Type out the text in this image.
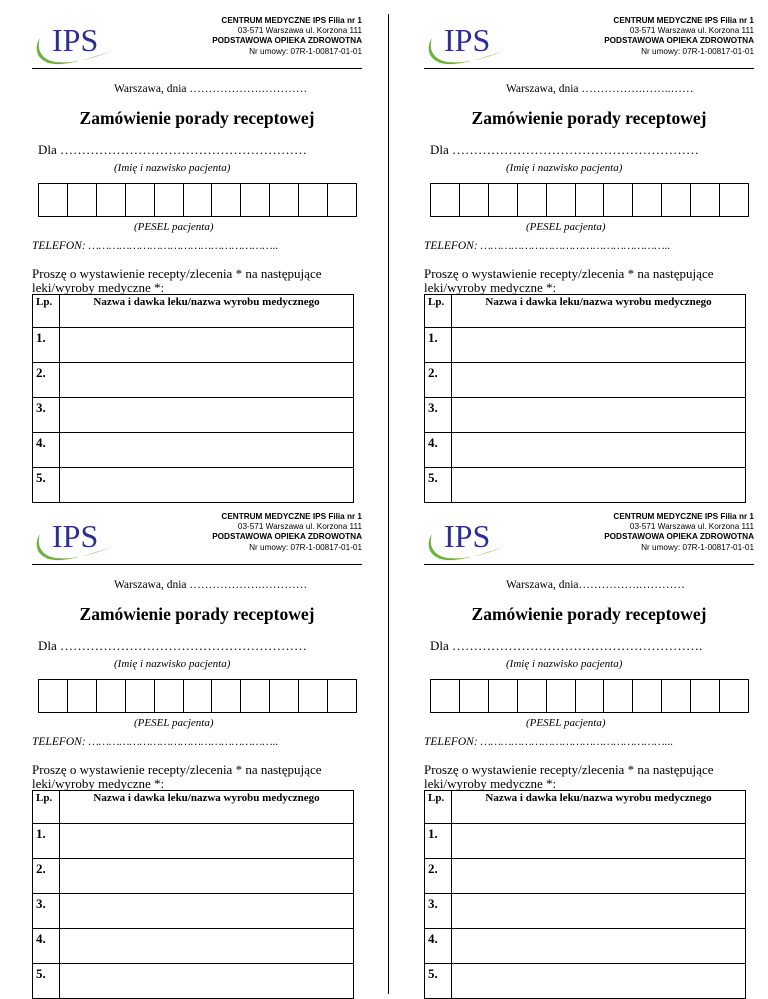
IPS
CENTRUM MEDYCZNE IPS Filia nr 1
03-571 Warszawa ul. Korzona 111
PODSTAWOWA OPIEKA ZDROWOTNA
Nr umowy: 07R-1-00817-01-01
Warszawa, dnia ……………….…………
Zamówienie porady receptowej
Dla …………………………………………………
(Imię i nazwisko pacjenta)
(PESEL pacjenta)
TELEFON: ………………………………………………..
Proszę o wystawienie recepty/zlecenia * na następujące leki/wyroby medyczne *:
Lp.	Nazwa i dawka leku/nazwa wyrobu medycznego
1.	
2.	
3.	
4.	
5.	
IPS
CENTRUM MEDYCZNE IPS Filia nr 1
03-571 Warszawa ul. Korzona 111
PODSTAWOWA OPIEKA ZDROWOTNA
Nr umowy: 07R-1-00817-01-01
Warszawa, dnia …………….……..……
Zamówienie porady receptowej
Dla …………………………………………………
(Imię i nazwisko pacjenta)
(PESEL pacjenta)
TELEFON: ………………………………………………..
Proszę o wystawienie recepty/zlecenia * na następujące leki/wyroby medyczne *:
Lp.	Nazwa i dawka leku/nazwa wyrobu medycznego
1.	
2.	
3.	
4.	
5.	
IPS
CENTRUM MEDYCZNE IPS Filia nr 1
03-571 Warszawa ul. Korzona 111
PODSTAWOWA OPIEKA ZDROWOTNA
Nr umowy: 07R-1-00817-01-01
Warszawa, dnia ……………….…………
Zamówienie porady receptowej
Dla …………………………………………………
(Imię i nazwisko pacjenta)
(PESEL pacjenta)
TELEFON: ………………………………………………..
Proszę o wystawienie recepty/zlecenia * na następujące leki/wyroby medyczne *:
Lp.	Nazwa i dawka leku/nazwa wyrobu medycznego
1.	
2.	
3.	
4.	
5.	
IPS
CENTRUM MEDYCZNE IPS Filia nr 1
03-571 Warszawa ul. Korzona 111
PODSTAWOWA OPIEKA ZDROWOTNA
Nr umowy: 07R-1-00817-01-01
Warszawa, dnia…………….…………
Zamówienie porady receptowej
Dla ………………………………………………….
(Imię i nazwisko pacjenta)
(PESEL pacjenta)
TELEFON: ………………………………………………...
Proszę o wystawienie recepty/zlecenia * na następujące leki/wyroby medyczne *:
Lp.	Nazwa i dawka leku/nazwa wyrobu medycznego
1.	
2.	
3.	
4.	
5.	
